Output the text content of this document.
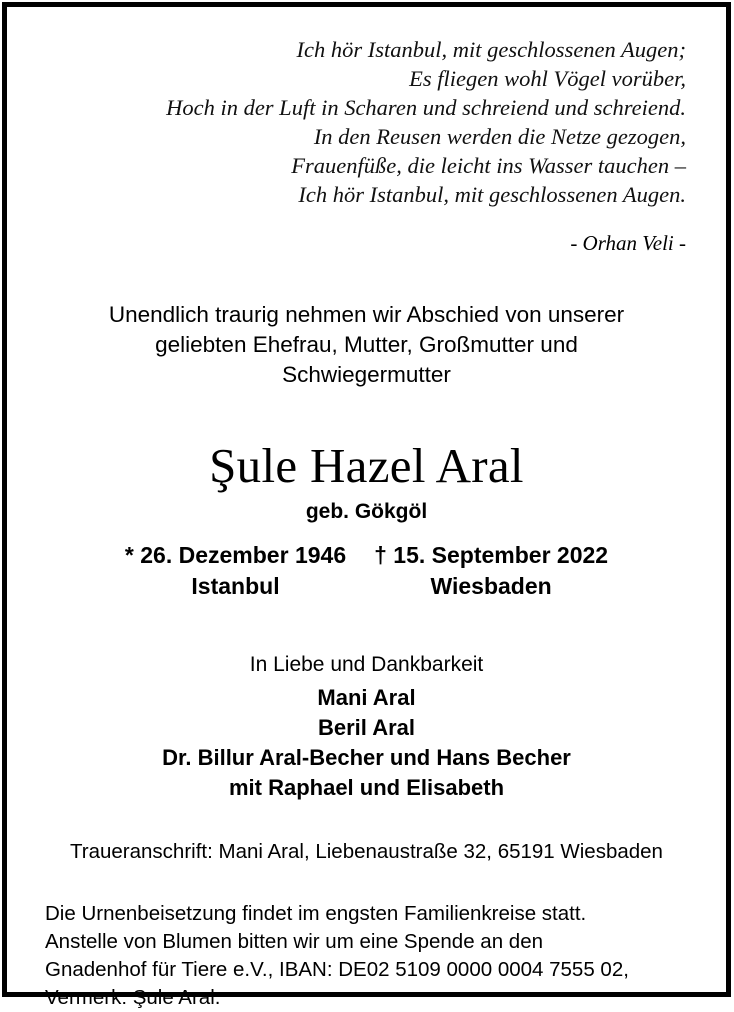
Ich hör Istanbul, mit geschlossenen Augen;
Es fliegen wohl Vögel vorüber,
Hoch in der Luft in Scharen und schreiend und schreiend.
In den Reusen werden die Netze gezogen,
Frauenfüße, die leicht ins Wasser tauchen –
Ich hör Istanbul, mit geschlossenen Augen.
- Orhan Veli -
Unendlich traurig nehmen wir Abschied von unserer
geliebten Ehefrau, Mutter, Großmutter und
Schwiegermutter
Şule Hazel Aral
geb. Gökgöl
* 26. Dezember 1946
Istanbul
† 15. September 2022
Wiesbaden
In Liebe und Dankbarkeit
Mani Aral
Beril Aral
Dr. Billur Aral-Becher und Hans Becher
mit Raphael und Elisabeth
Traueranschrift: Mani Aral, Liebenaustraße 32, 65191 Wiesbaden
Die Urnenbeisetzung findet im engsten Familienkreise statt.
Anstelle von Blumen bitten wir um eine Spende an den
Gnadenhof für Tiere e.V., IBAN: DE02 5109 0000 0004 7555 02,
Vermerk: Şule Aral.
